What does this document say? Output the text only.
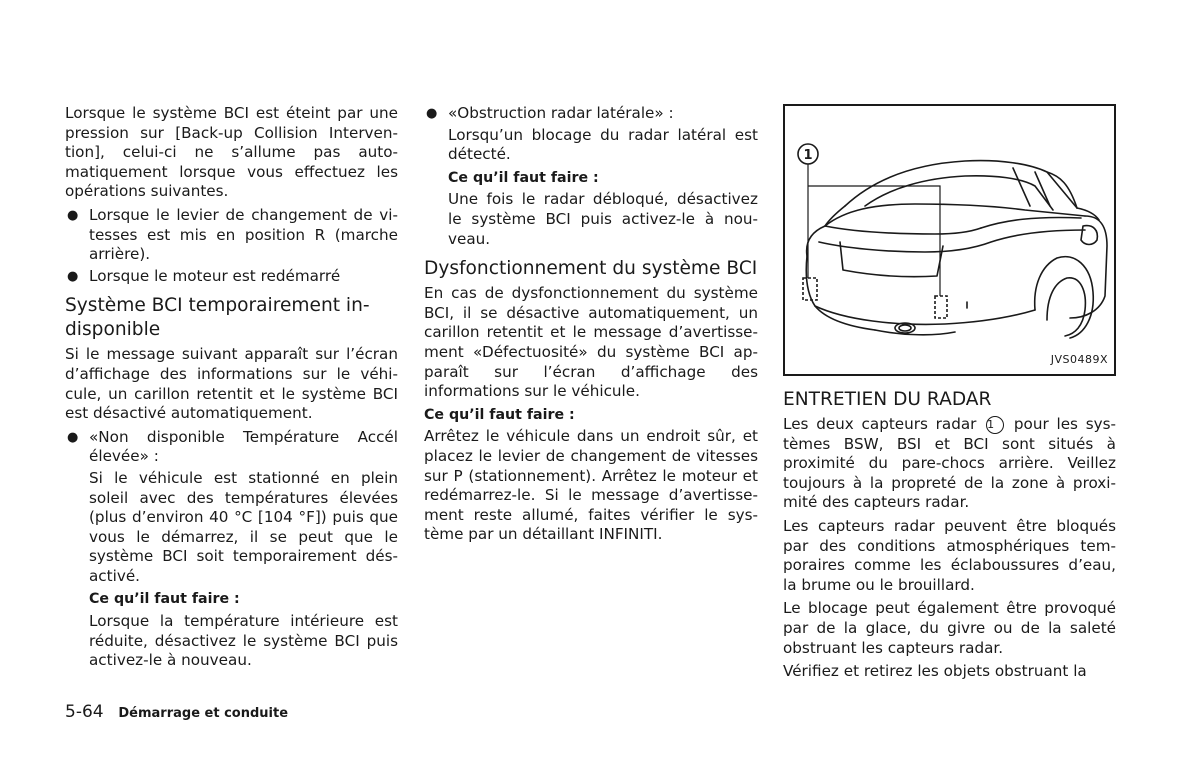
Lorsque le système BCI est éteint par une pression sur [Back-up Collision Intervention], celui-ci ne s’allume pas automatiquement lorsque vous effectuez les opérations suivantes.

● Lorsque le levier de changement de vitesses est mis en position R (marche arrière).
● Lorsque le moteur est redémarré
Système BCI temporairement indisponible

Si le message suivant apparaît sur l’écran d’affichage des informations sur le véhicule, un carillon retentit et le système BCI est désactivé automatiquement.

● «Non disponible Température Accél élevée» :

Si le véhicule est stationné en plein soleil avec des températures élevées (plus d’environ 40 °C [104 °F]) puis que vous le démarrez, il se peut que le système BCI soit temporairement désactivé.

Ce qu’il faut faire :

Lorsque la température intérieure est réduite, désactivez le système BCI puis activez-le à nouveau.

● «Obstruction radar latérale» :

Lorsqu’un blocage du radar latéral est détecté.

Ce qu’il faut faire :

Une fois le radar débloqué, désactivez le système BCI puis activez-le à nouveau.

Dysfonctionnement du système BCI

En cas de dysfonctionnement du système BCI, il se désactive automatiquement, un carillon retentit et le message d’avertissement «Défectuosité» du système BCI apparaît sur l’écran d’affichage des informations sur le véhicule.

Ce qu’il faut faire :

Arrêtez le véhicule dans un endroit sûr, et placez le levier de changement de vitesses sur P (stationnement). Arrêtez le moteur et redémarrez-le. Si le message d’avertissement reste allumé, faites vérifier le système par un détaillant INFINITI.

1
JVS0489X
ENTRETIEN DU RADAR

Les deux capteurs radar 1 pour les systèmes BSW, BSI et BCI sont situés à proximité du pare-chocs arrière. Veillez toujours à la propreté de la zone à proximité des capteurs radar.

Les capteurs radar peuvent être bloqués par des conditions atmosphériques temporaires comme les éclaboussures d’eau, la brume ou le brouillard.

Le blocage peut également être provoqué par de la glace, du givre ou de la saleté obstruant les capteurs radar.

Vérifiez et retirez les objets obstruant la

5-64 Démarrage et conduite
